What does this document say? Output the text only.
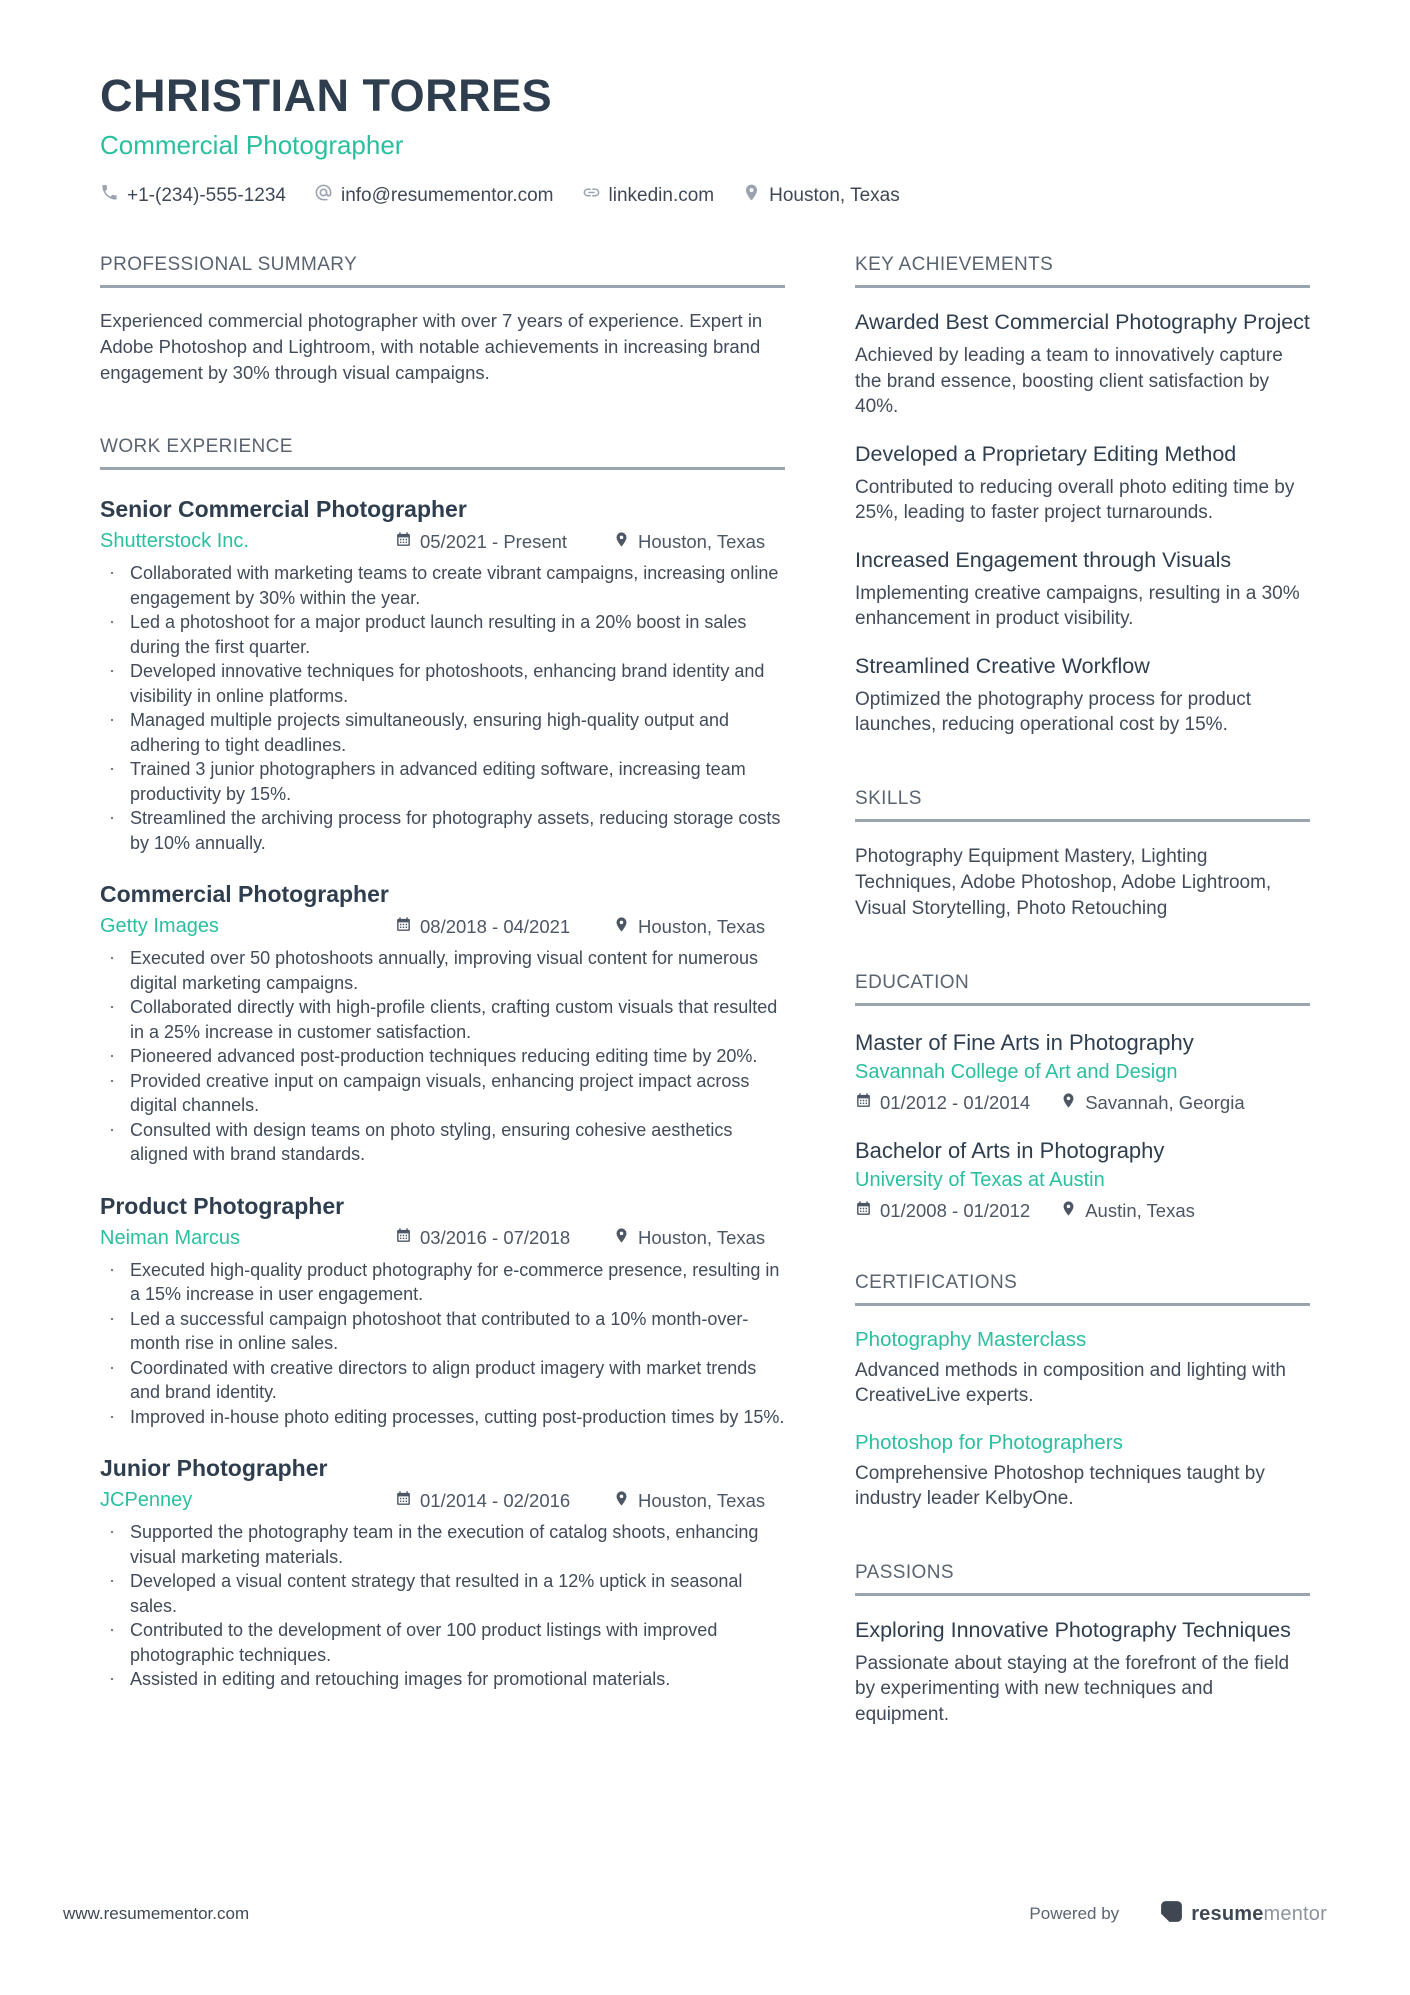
CHRISTIAN TORRES
Commercial Photographer
+1-(234)-555-1234	info@resumementor.com	linkedin.com	Houston, Texas
PROFESSIONAL SUMMARY

Experienced commercial photographer with over 7 years of experience. Expert in Adobe Photoshop and Lightroom, with notable achievements in increasing brand engagement by 30% through visual campaigns.

WORK EXPERIENCE
Senior Commercial Photographer
Shutterstock Inc.	05/2021 - Present	Houston, Texas
· Collaborated with marketing teams to create vibrant campaigns, increasing online engagement by 30% within the year.
· Led a photoshoot for a major product launch resulting in a 20% boost in sales during the first quarter.
· Developed innovative techniques for photoshoots, enhancing brand identity and visibility in online platforms.
· Managed multiple projects simultaneously, ensuring high-quality output and adhering to tight deadlines.
· Trained 3 junior photographers in advanced editing software, increasing team productivity by 15%.
· Streamlined the archiving process for photography assets, reducing storage costs by 10% annually.
Commercial Photographer
Getty Images	08/2018 - 04/2021	Houston, Texas
· Executed over 50 photoshoots annually, improving visual content for numerous digital marketing campaigns.
· Collaborated directly with high-profile clients, crafting custom visuals that resulted in a 25% increase in customer satisfaction.
· Pioneered advanced post-production techniques reducing editing time by 20%.
· Provided creative input on campaign visuals, enhancing project impact across digital channels.
· Consulted with design teams on photo styling, ensuring cohesive aesthetics aligned with brand standards.
Product Photographer
Neiman Marcus	03/2016 - 07/2018	Houston, Texas
· Executed high-quality product photography for e-commerce presence, resulting in a 15% increase in user engagement.
· Led a successful campaign photoshoot that contributed to a 10% month-over-month rise in online sales.
· Coordinated with creative directors to align product imagery with market trends and brand identity.
· Improved in-house photo editing processes, cutting post-production times by 15%.
Junior Photographer
JCPenney	01/2014 - 02/2016	Houston, Texas
· Supported the photography team in the execution of catalog shoots, enhancing visual marketing materials.
· Developed a visual content strategy that resulted in a 12% uptick in seasonal sales.
· Contributed to the development of over 100 product listings with improved photographic techniques.
· Assisted in editing and retouching images for promotional materials.
KEY ACHIEVEMENTS
Awarded Best Commercial Photography Project

Achieved by leading a team to innovatively capture the brand essence, boosting client satisfaction by 40%.

Developed a Proprietary Editing Method

Contributed to reducing overall photo editing time by 25%, leading to faster project turnarounds.

Increased Engagement through Visuals

Implementing creative campaigns, resulting in a 30% enhancement in product visibility.

Streamlined Creative Workflow

Optimized the photography process for product launches, reducing operational cost by 15%.

SKILLS

Photography Equipment Mastery, Lighting Techniques, Adobe Photoshop, Adobe Lightroom, Visual Storytelling, Photo Retouching

EDUCATION
Master of Fine Arts in Photography
Savannah College of Art and Design
01/2012 - 01/2014	Savannah, Georgia
Bachelor of Arts in Photography
University of Texas at Austin
01/2008 - 01/2012	Austin, Texas
CERTIFICATIONS
Photography Masterclass

Advanced methods in composition and lighting with CreativeLive experts.

Photoshop for Photographers

Comprehensive Photoshop techniques taught by industry leader KelbyOne.

PASSIONS
Exploring Innovative Photography Techniques

Passionate about staying at the forefront of the field by experimenting with new techniques and equipment.

www.resumementor.com	Powered by	resumementor
